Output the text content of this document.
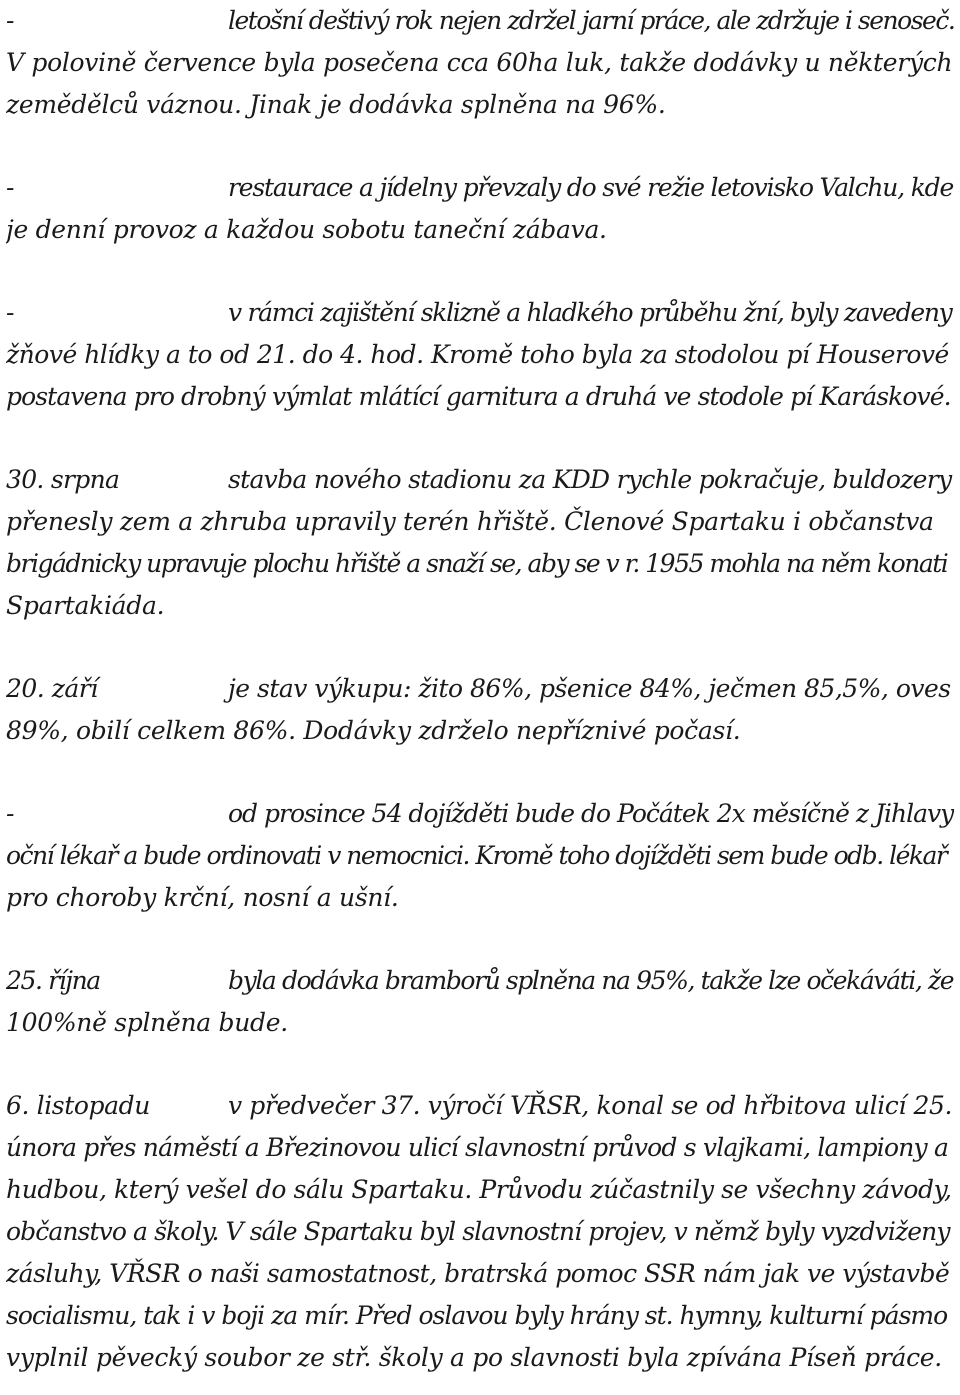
-	letošní deštivý rok nejen zdržel jarní práce, ale zdržuje i senoseč.
V polovině července byla posečena cca 60ha luk, takže dodávky u některých
zemědělců váznou. Jinak je dodávka splněna na 96%.
-	restaurace a jídelny převzaly do své režie letovisko Valchu, kde
je denní provoz a každou sobotu taneční zábava.
-	v rámci zajištění sklizně a hladkého průběhu žní, byly zavedeny
žňové hlídky a to od 21. do 4. hod. Kromě toho byla za stodolou pí Houserové
postavena pro drobný výmlat mlátící garnitura a druhá ve stodole pí Karáskové.
30. srpna	stavba nového stadionu za KDD rychle pokračuje, buldozery
přenesly zem a zhruba upravily terén hřiště. Členové Spartaku i občanstva
brigádnicky upravuje plochu hřiště a snaží se, aby se v r. 1955 mohla na něm konati
Spartakiáda.
20. září	je stav výkupu: žito 86%, pšenice 84%, ječmen 85,5%, oves
89%, obilí celkem 86%. Dodávky zdrželo nepříznivé počasí.
-	od prosince 54 dojížděti bude do Počátek 2x měsíčně z Jihlavy
oční lékař a bude ordinovati v nemocnici. Kromě toho dojížděti sem bude odb. lékař
pro choroby krční, nosní a ušní.
25. října	byla dodávka bramborů splněna na 95%, takže lze očekáváti, že
100%ně splněna bude.
6. listopadu	v předvečer 37. výročí VŘSR, konal se od hřbitova ulicí 25.
února přes náměstí a Březinovou ulicí slavnostní průvod s vlajkami, lampiony a
hudbou, který vešel do sálu Spartaku. Průvodu zúčastnily se všechny závody,
občanstvo a školy. V sále Spartaku byl slavnostní projev, v němž byly vyzdviženy
zásluhy, VŘSR o naši samostatnost, bratrská pomoc SSR nám jak ve výstavbě
socialismu, tak i v boji za mír. Před oslavou byly hrány st. hymny, kulturní pásmo
vyplnil pěvecký soubor ze stř. školy a po slavnosti byla zpívána Píseň práce.
